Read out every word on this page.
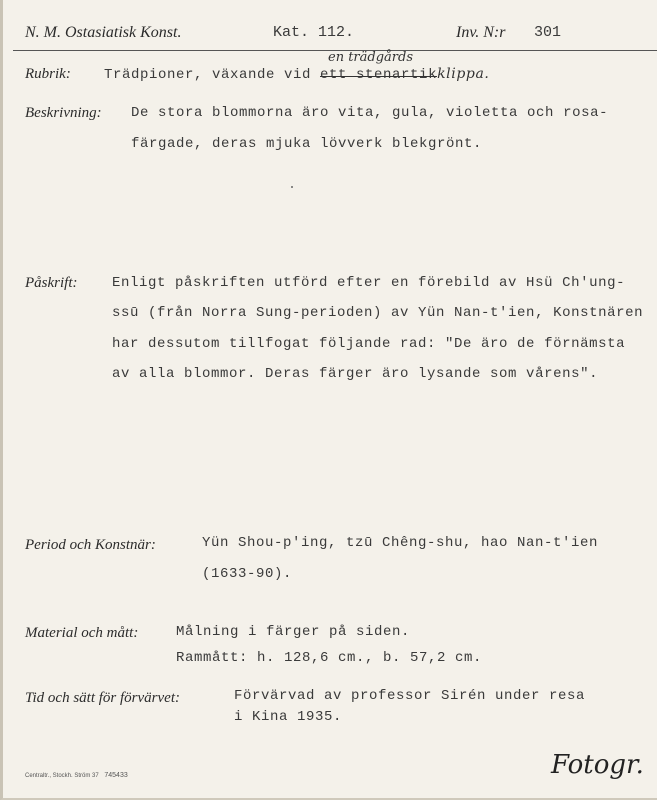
N. M. Ostasiatisk Konst.	Kat. 112.	Inv. N:r 301
Rubrik: Trädpioner, växande vid ett stenartikklippa.
en trädgårds
Beskrivning: De stora blommorna äro vita, gula, violetta och rosa-
färgade, deras mjuka lövverk blekgrönt.
Påskrift: Enligt påskriften utförd efter en förebild av Hsü Ch'ung-
ssū (från Norra Sung-perioden) av Yün Nan-t'ien, Konstnären
har dessutom tillfogat följande rad: "De äro de förnämsta
av alla blommor. Deras färger äro lysande som vårens".
Period och Konstnär:	Yün Shou-p'ing, tzū Chêng-shu, hao Nan-t'ien
(1633-90).
Material och mått:	Målning i färger på siden.
Rammått: h. 128,6 cm., b. 57,2 cm.
Tid och sätt för förvärvet:	Förvärvad av professor Sirén under resa
i Kina 1935.
Centraltr., Stockh. Ström 37 745433	Fotogr.
